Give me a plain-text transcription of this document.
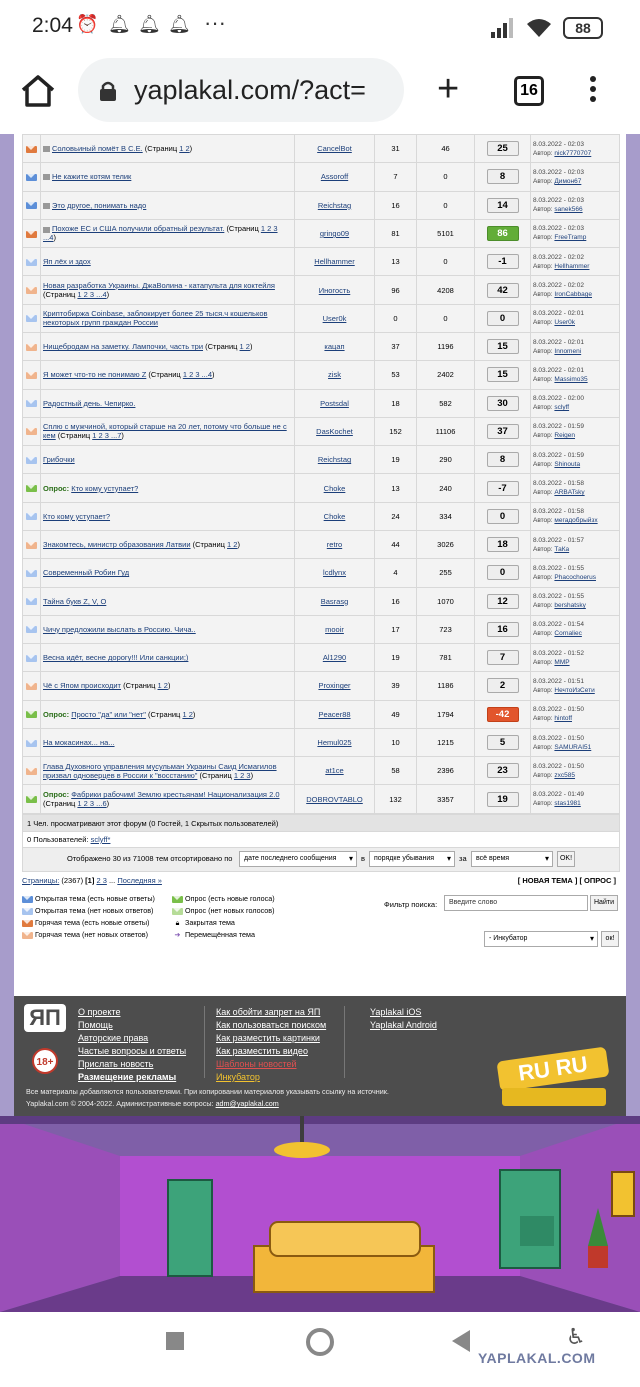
2:04 ⏰ 🔔︎ 🔔︎ 🔔︎ ···	88
yaplakal.com/?act= +	16
	Соловьиный помёт В С.Е. (Страниц 1 2)	CancelBot	31	46	25	8.03.2022 - 02:03
Автор: nick7770707
	Не кажите котям телик	Assoroff	7	0	8	8.03.2022 - 02:03
Автор: Димон67
	Это другое, понимать надо	Reichstag	16	0	14	8.03.2022 - 02:03
Автор: sanek566
	Похоже ЕС и США получили обратный результат. (Страниц 1 2 3 ...4)	gringo09	81	5101	86	8.03.2022 - 02:03
Автор: FreeTramp
	Яп лёх и здох	Hellhammer	13	0	-1	8.03.2022 - 02:02
Автор: Hellhammer
	Новая разработка Украины. ДжаВолина - катапульта для коктейля (Страниц 1 2 3 ...4)	Иногость	96	4208	42	8.03.2022 - 02:02
Автор: IronCabbage
	Криптобиржа Coinbase, заблокирует более 25 тыся.ч кошельков некоторых групп граждан России	User0k	0	0	0	8.03.2022 - 02:01
Автор: User0k
	Нищебродам на заметку. Лампочки, часть три (Страниц 1 2)	кацап	37	1196	15	8.03.2022 - 02:01
Автор: Innomeni
	Я может что-то не понимаю Z (Страниц 1 2 3 ...4)	zisk	53	2402	15	8.03.2022 - 02:01
Автор: Massimo35
	Радостный день. Чепирко.	Postsdal	18	582	30	8.03.2022 - 02:00
Автор: sclyff
	Сплю с мужчиной, который старше на 20 лет, потому что больше не с кем (Страниц 1 2 3 ...7)	DasKochet	152	11106	37	8.03.2022 - 01:59
Автор: Reigen
	Грибочки	Reichstag	19	290	8	8.03.2022 - 01:59
Автор: Shinouta
	Опрос: Кто кому уступает?	Choke	13	240	-7	8.03.2022 - 01:58
Автор: ARBATsky
	Кто кому уступает?	Choke	24	334	0	8.03.2022 - 01:58
Автор: мегадобрыйзх
	Знакомтесь, министр образования Латвии (Страниц 1 2)	retro	44	3026	18	8.03.2022 - 01:57
Автор: ТаКа
	Современный Робин Гуд	lcdlynx	4	255	0	8.03.2022 - 01:55
Автор: Phacochoerus
	Тайна букв Z, V, O	Basrasg	16	1070	12	8.03.2022 - 01:55
Автор: bershatsky
	Чичу предложили выслать в Россию. Чича..	mooir	17	723	16	8.03.2022 - 01:54
Автор: Cornaliec
	Весна идёт, весне дорогу!!! Или санкции;)	Al1290	19	781	7	8.03.2022 - 01:52
Автор: MMP
	Чё с Япом происходит (Страниц 1 2)	Proxinger	39	1186	2	8.03.2022 - 01:51
Автор: НечтоИзСети
	Опрос: Просто "да" или "нет" (Страниц 1 2)	Peacer88	49	1794	-42	8.03.2022 - 01:50
Автор: hintoff
	На мокасинах... на...	Hemul025	10	1215	5	8.03.2022 - 01:50
Автор: SAMURAI51
	Глава Духовного управления мусульман Украины Саид Исмагилов призвал одноверцев в России к "восстанию" (Страниц 1 2 3)	at1ce	58	2396	23	8.03.2022 - 01:50
Автор: zxc585
	Опрос: Фабрики рабочим! Землю крестьянам! Национализация 2.0 (Страниц 1 2 3 ...6)	DOBROVTABLO	132	3357	19	8.03.2022 - 01:49
Автор: stas1981
1 Чел. просматривают этот форум (0 Гостей, 1 Скрытых пользователей)
0 Пользователей: sclyff*
Отображено 30 из 71008 тем отсортировано по	дате последнего сообщения ▾	в	порядке убывания ▾	за	всё время ▾	OK!
Страницы: (2367) [1] 2 3 ... Последняя »	[ НОВАЯ ТЕМА ] [ ОПРОС ]
Открытая тема (есть новые ответы)
Открытая тема (нет новых ответов)
Горячая тема (есть новые ответы)
Горячая тема (нет новых ответов)
Опрос (есть новые голоса)
Опрос (нет новых голосов)
🔒︎ Закрытая тема
➔ Перемещённая тема
Фильтр поиска:	Введите слово	Найти
- Инкубатор ▾	ок!
ЯП
18+
О проекте
Помощь
Авторские права
Частые вопросы и ответы
Прислать новость
Размещение рекламы
Как обойти запрет на ЯП
Как пользоваться поиском
Как разместить картинки
Как разместить видео
Шаблоны новостей
Инкубатор
Yaplakal iOS
Yaplakal Android
RU RU
Все материалы добавляются пользователями. При копировании материалов указывать ссылку на источник.
Yaplakal.com © 2004-2022. Административные вопросы: adm@yaplakal.com
♿︎
YAPLAKAL.COM
